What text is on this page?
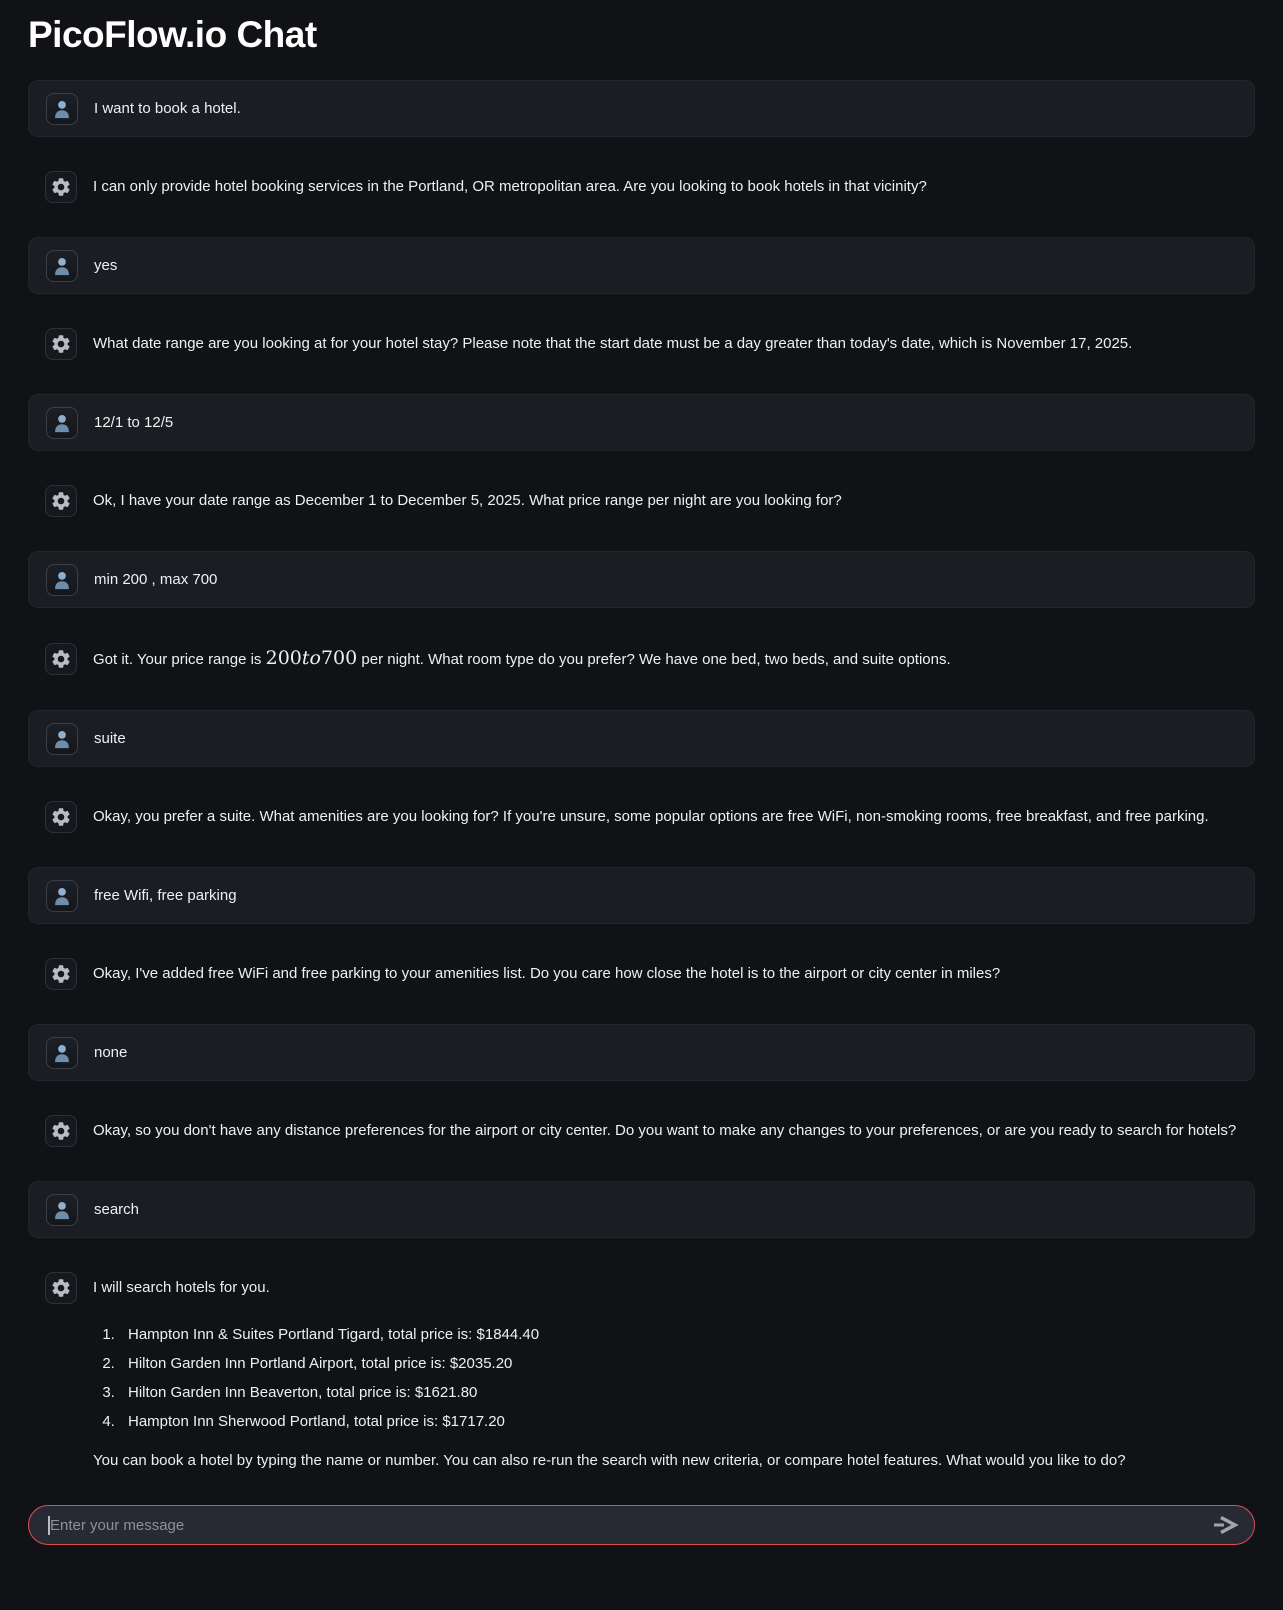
PicoFlow.io Chat
I want to book a hotel.
I can only provide hotel booking services in the Portland, OR metropolitan area. Are you looking to book hotels in that vicinity?
yes
What date range are you looking at for your hotel stay? Please note that the start date must be a day greater than today's date, which is November 17, 2025.
12/1 to 12/5
Ok, I have your date range as December 1 to December 5, 2025. What price range per night are you looking for?
min 200 , max 700
Got it. Your price range is 200to700 per night. What room type do you prefer? We have one bed, two beds, and suite options.
suite
Okay, you prefer a suite. What amenities are you looking for? If you're unsure, some popular options are free WiFi, non-smoking rooms, free breakfast, and free parking.
free Wifi, free parking
Okay, I've added free WiFi and free parking to your amenities list. Do you care how close the hotel is to the airport or city center in miles?
none
Okay, so you don't have any distance preferences for the airport or city center. Do you want to make any changes to your preferences, or are you ready to search for hotels?
search

I will search hotels for you.

1. Hampton Inn & Suites Portland Tigard, total price is: $1844.40
2. Hilton Garden Inn Portland Airport, total price is: $2035.20
3. Hilton Garden Inn Beaverton, total price is: $1621.80
4. Hampton Inn Sherwood Portland, total price is: $1717.20

You can book a hotel by typing the name or number. You can also re-run the search with new criteria, or compare hotel features. What would you like to do?

Enter your message
